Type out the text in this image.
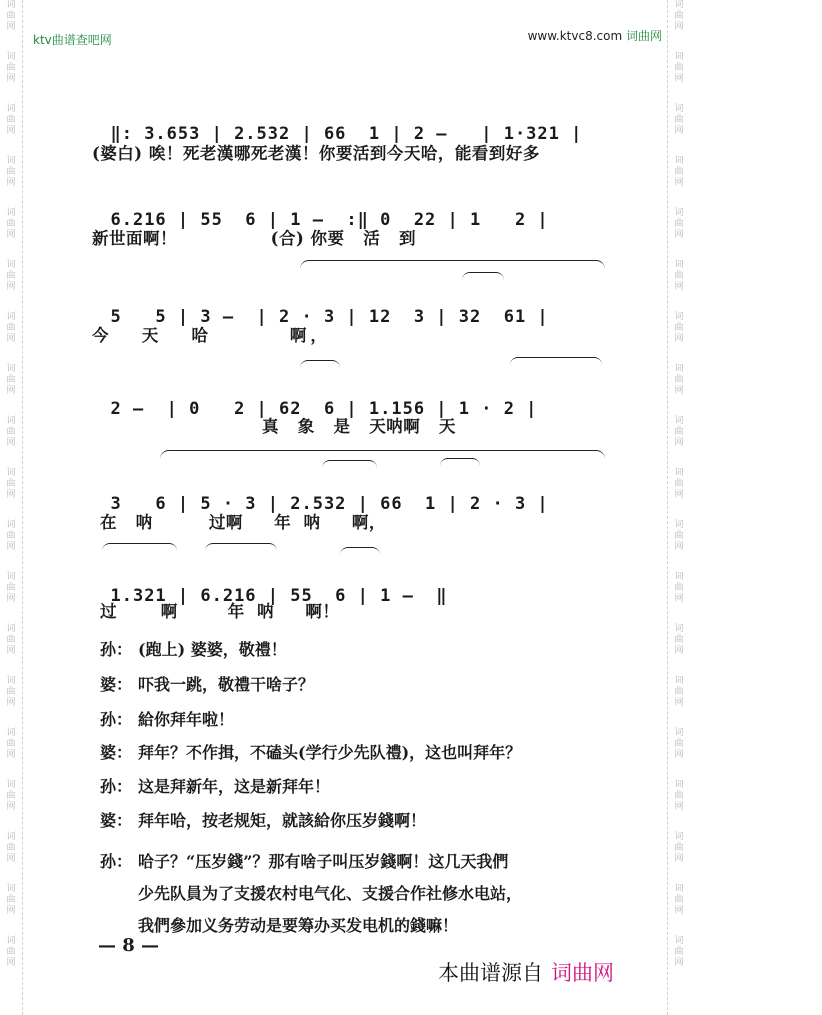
词
曲
网
词
曲
网
词
曲
网
词
曲
网
词
曲
网
词
曲
网
词
曲
网
词
曲
网
词
曲
网
词
曲
网
词
曲
网
词
曲
网
词
曲
网
词
曲
网
词
曲
网
词
曲
网
词
曲
网
词
曲
网
词
曲
网
词
曲
网
词
曲
网
词
曲
网
词
曲
网
词
曲
网
词
曲
网
词
曲
网
词
曲
网
词
曲
网
词
曲
网
词
曲
网
词
曲
网
词
曲
网
词
曲
网
词
曲
网
词
曲
网
词
曲
网
词
曲
网
词
曲
网
ktv曲谱查吧网	www.ktvc8.com 词曲网

‖: 3.653 | 2.532 | 66  1 | 2 —   | 1·321 |

(婆白) 唉！死老漢哪死老漢！你要活到今天哈，能看到好多

6.216 | 55  6 | 1 —  :‖ 0  22 | 1   2 |

新世面啊！               (合) 你要   活   到

5   5 | 3 —  | 2 · 3 | 12  3 | 32  61 |

今   天   哈        啊，

2 —  | 0   2 | 62  6 | 1.156 | 1 · 2 |

真   象   是   天呐啊   天

3   6 | 5 · 3 | 2.532 | 66  1 | 2 · 3 |

在   呐         过啊     年  呐     啊，

1.321 | 6.216 | 55  6 | 1 —  ‖

过       啊        年  呐     啊！
孙： (跑上) 婆婆，敬禮！
婆： 吓我一跳，敬禮干啥子？
孙： 給你拜年啦！
婆： 拜年？不作揖，不磕头(学行少先队禮)，这也叫拜年？
孙： 这是拜新年，这是新拜年！
婆： 拜年哈，按老规矩，就該給你压岁錢啊！
孙： 哈子？“压岁錢”？那有啥子叫压岁錢啊！这几天我們
少先队員为了支援农村电气化、支援合作社修水电站，
我們參加义务劳动是要筹办买发电机的錢嘛！
— 8 —
本曲谱源自 词曲网
